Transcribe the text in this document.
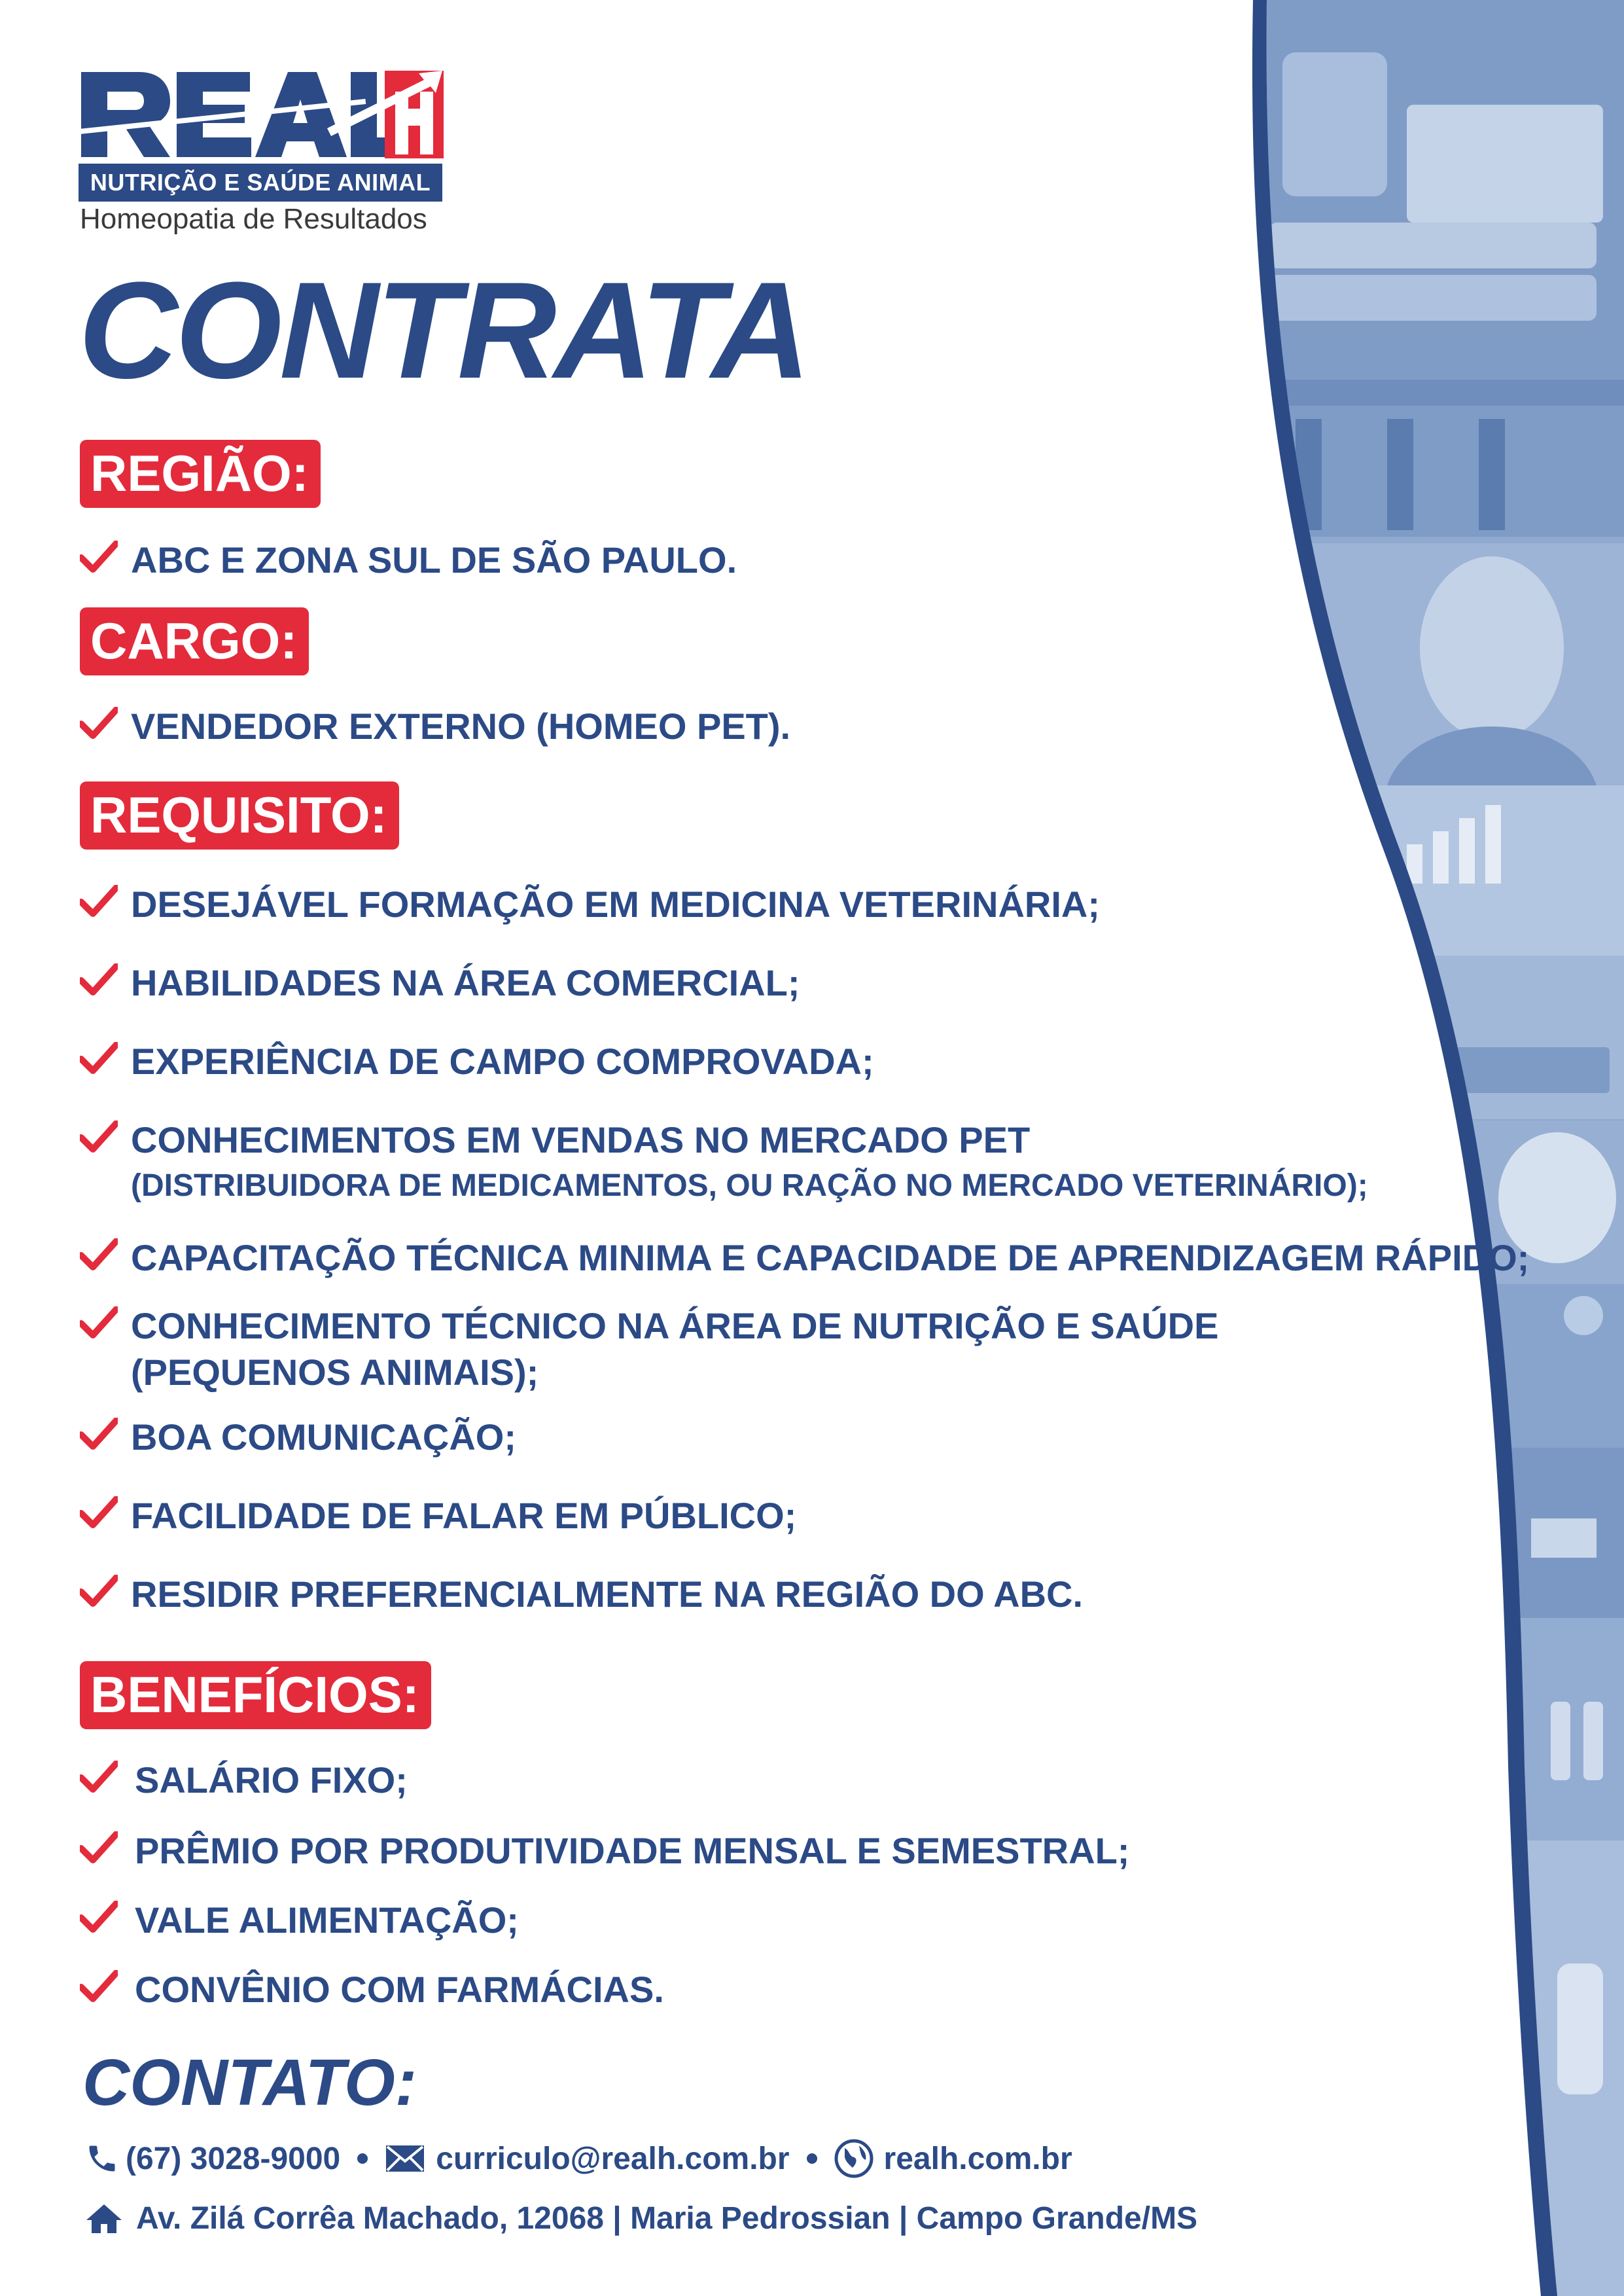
NUTRIÇÃO E SAÚDE ANIMAL
Homeopatia de Resultados
CONTRATA
REGIÃO:
ABC E ZONA SUL DE SÃO PAULO.
CARGO:
VENDEDOR EXTERNO (HOMEO PET).
REQUISITO:
DESEJÁVEL FORMAÇÃO EM MEDICINA VETERINÁRIA;
HABILIDADES NA ÁREA COMERCIAL;
EXPERIÊNCIA DE CAMPO COMPROVADA;
CONHECIMENTOS EM VENDAS NO MERCADO PET
(DISTRIBUIDORA DE MEDICAMENTOS, OU RAÇÃO NO MERCADO VETERINÁRIO);
CAPACITAÇÃO TÉCNICA MINIMA E CAPACIDADE DE APRENDIZAGEM RÁPIDO;
CONHECIMENTO TÉCNICO NA ÁREA DE NUTRIÇÃO E SAÚDE
(PEQUENOS ANIMAIS);
BOA COMUNICAÇÃO;
FACILIDADE DE FALAR EM PÚBLICO;
RESIDIR PREFERENCIALMENTE NA REGIÃO DO ABC.
BENEFÍCIOS:
SALÁRIO FIXO;
PRÊMIO POR PRODUTIVIDADE MENSAL E SEMESTRAL;
VALE ALIMENTAÇÃO;
CONVÊNIO COM FARMÁCIAS.
CONTATO:
(67) 3028-9000	curriculo@realh.com.br	realh.com.br
Av. Zilá Corrêa Machado, 12068 | Maria Pedrossian | Campo Grande/MS
